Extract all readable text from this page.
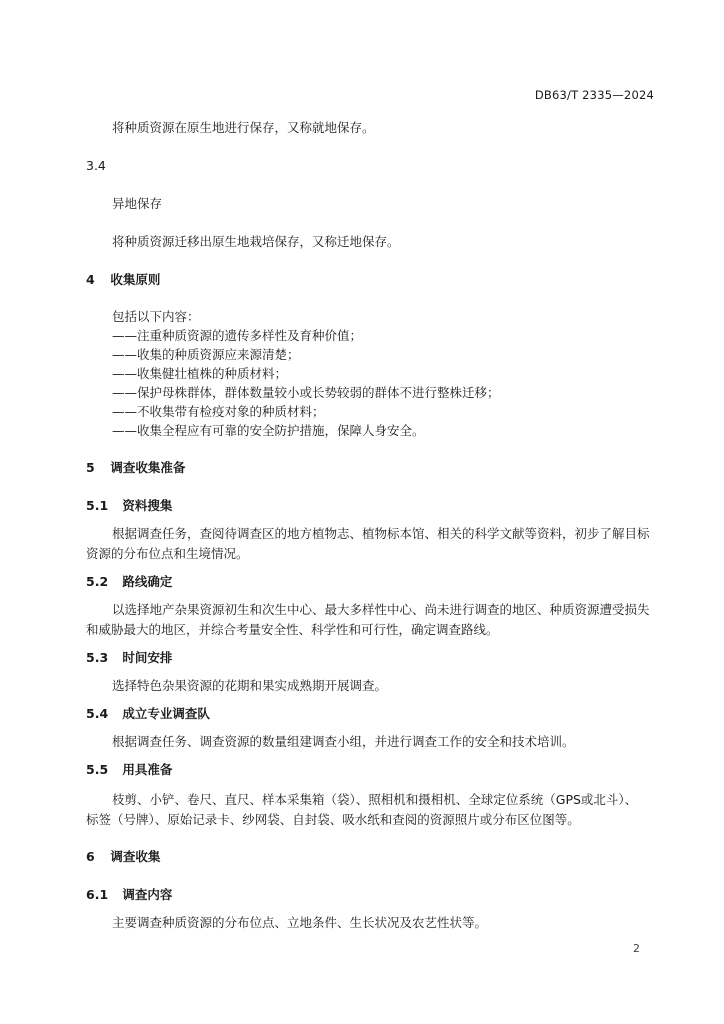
DB63/T 2335—2024
将种质资源在原生地进行保存，又称就地保存。
3.4
异地保存
将种质资源迁移出原生地栽培保存，又称迁地保存。
4 收集原则
包括以下内容：
——注重种质资源的遗传多样性及育种价值；
——收集的种质资源应来源清楚；
——收集健壮植株的种质材料；
——保护母株群体，群体数量较小或长势较弱的群体不进行整株迁移；
——不收集带有检疫对象的种质材料；
——收集全程应有可靠的安全防护措施，保障人身安全。
5 调查收集准备
5.1 资料搜集
根据调查任务，查阅待调查区的地方植物志、植物标本馆、相关的科学文献等资料，初步了解目标
资源的分布位点和生境情况。
5.2 路线确定
以选择地产杂果资源初生和次生中心、最大多样性中心、尚未进行调查的地区、种质资源遭受损失
和威胁最大的地区，并综合考量安全性、科学性和可行性，确定调查路线。
5.3 时间安排
选择特色杂果资源的花期和果实成熟期开展调查。
5.4 成立专业调查队
根据调查任务、调查资源的数量组建调查小组，并进行调查工作的安全和技术培训。
5.5 用具准备
枝剪、小铲、卷尺、直尺、样本采集箱（袋）、照相机和摄相机、全球定位系统（GPS或北斗）、
标签（号牌）、原始记录卡、纱网袋、自封袋、吸水纸和查阅的资源照片或分布区位图等。
6 调查收集
6.1 调查内容
主要调查种质资源的分布位点、立地条件、生长状况及农艺性状等。
2
